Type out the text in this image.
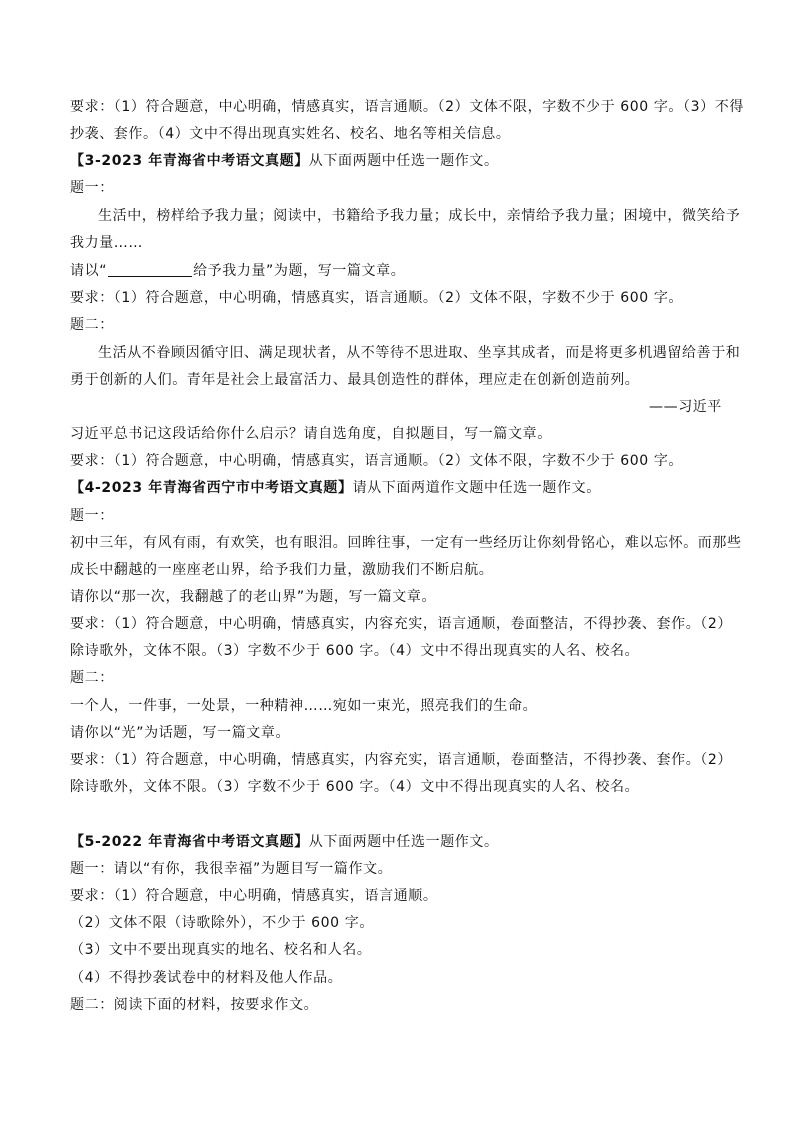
要求：（1）符合题意，中心明确，情感真实，语言通顺。（2）文体不限，字数不少于 600 字。（3）不得
抄袭、套作。（4）文中不得出现真实姓名、校名、地名等相关信息。
【3-2023 年青海省中考语文真题】从下面两题中任选一题作文。
题一：
生活中，榜样给予我力量；阅读中，书籍给予我力量；成长中，亲情给予我力量；困境中，微笑给予
我力量……
请以“	给予我力量”为题，写一篇文章。
要求：（1）符合题意，中心明确，情感真实，语言通顺。（2）文体不限，字数不少于 600 字。
题二：
生活从不眷顾因循守旧、满足现状者，从不等待不思进取、坐享其成者，而是将更多机遇留给善于和
勇于创新的人们。青年是社会上最富活力、最具创造性的群体，理应走在创新创造前列。
——习近平
习近平总书记这段话给你什么启示？请自选角度，自拟题目，写一篇文章。
要求：（1）符合题意，中心明确，情感真实，语言通顺。（2）文体不限，字数不少于 600 字。
【4-2023 年青海省西宁市中考语文真题】请从下面两道作文题中任选一题作文。
题一：
初中三年，有风有雨，有欢笑，也有眼泪。回眸往事，一定有一些经历让你刻骨铭心，难以忘怀。而那些
成长中翻越的一座座老山界，给予我们力量，激励我们不断启航。
请你以“那一次，我翻越了的老山界”为题，写一篇文章。
要求：（1）符合题意，中心明确，情感真实，内容充实，语言通顺，卷面整洁，不得抄袭、套作。（2）
除诗歌外，文体不限。（3）字数不少于 600 字。（4）文中不得出现真实的人名、校名。
题二：
一个人，一件事，一处景，一种精神……宛如一束光，照亮我们的生命。
请你以“光”为话题，写一篇文章。
要求：（1）符合题意，中心明确，情感真实，内容充实，语言通顺，卷面整洁，不得抄袭、套作。（2）
除诗歌外，文体不限。（3）字数不少于 600 字。（4）文中不得出现真实的人名、校名。
【5-2022 年青海省中考语文真题】从下面两题中任选一题作文。
题一：请以“有你，我很幸福”为题目写一篇作文。
要求：（1）符合题意，中心明确，情感真实，语言通顺。
（2）文体不限（诗歌除外），不少于 600 字。
（3）文中不要出现真实的地名、校名和人名。
（4）不得抄袭试卷中的材料及他人作品。
题二：阅读下面的材料，按要求作文。
